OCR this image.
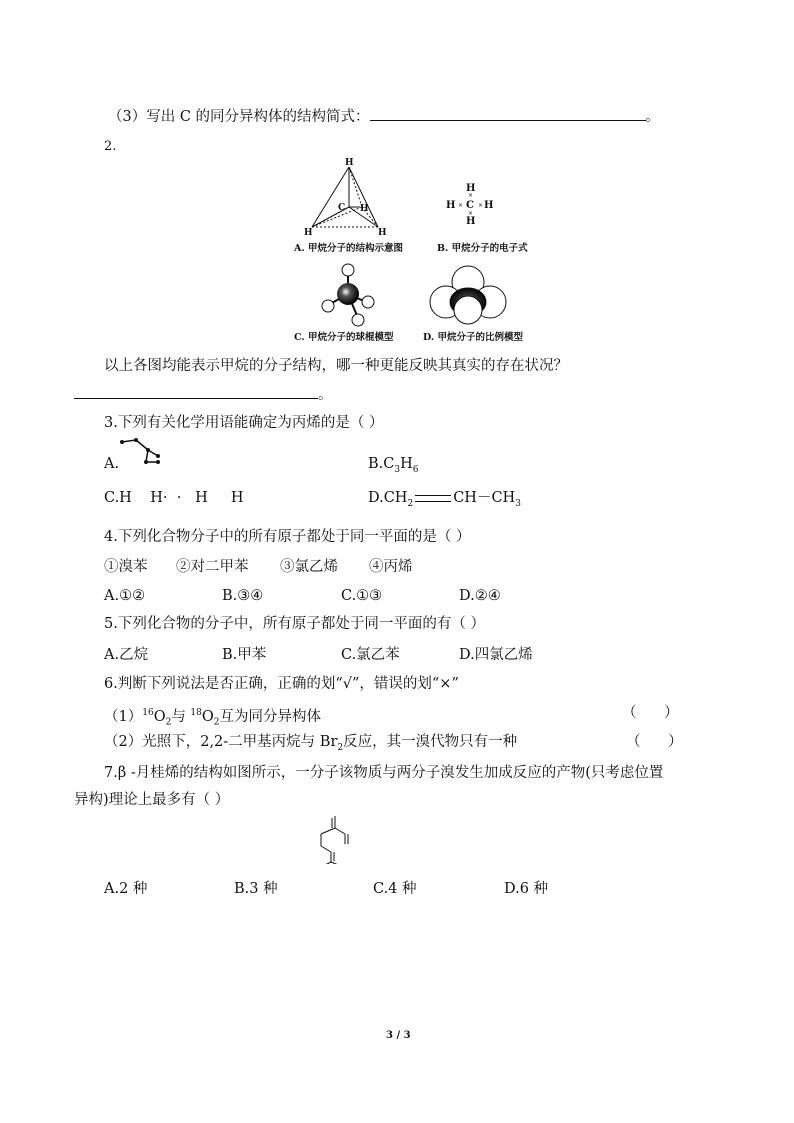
（3）写出 C 的同分异构体的结构简式：	。
2.
H
C H
H	H
A. 甲烷分子的结构示意图
H
H C H
H
×
× ×
×
B. 甲烷分子的电子式
C. 甲烷分子的球棍模型	D. 甲烷分子的比例模型
以上各图均能表示甲烷的分子结构，哪一种更能反映其真实的存在状况？
。
3.下列有关化学用语能确定为丙烯的是（ ）
A.	$B.C_3H_6$
C.H    H·  ·   H     H	$D.CH_2$	$CH-CH_3$
4.下列化合物分子中的所有原子都处于同一平面的是（ ）
①溴苯 ②对二甲苯 ③氯乙烯 ④丙烯
A.①②	B.③④	C.①③	D.②④
5.下列化合物的分子中，所有原子都处于同一平面的有（ ）
A.乙烷	B.甲苯	C.氯乙苯	D.四氯乙烯
6.判断下列说法是否正确，正确的划“√”，错误的划“×”
$(1)^{16}O_2$与 $^{18}O_2$互为同分异构体	（      ）
（2）光照下，2,2-二甲基丙烷与 $Br_2$反应，其一溴代物只有一种	（      ）
7.β -月桂烯的结构如图所示，一分子该物质与两分子溴发生加成反应的产物(只考虑位置
异构)理论上最多有（ ）
A.2 种	B.3 种	C.4 种	D.6 种
3 / 3
